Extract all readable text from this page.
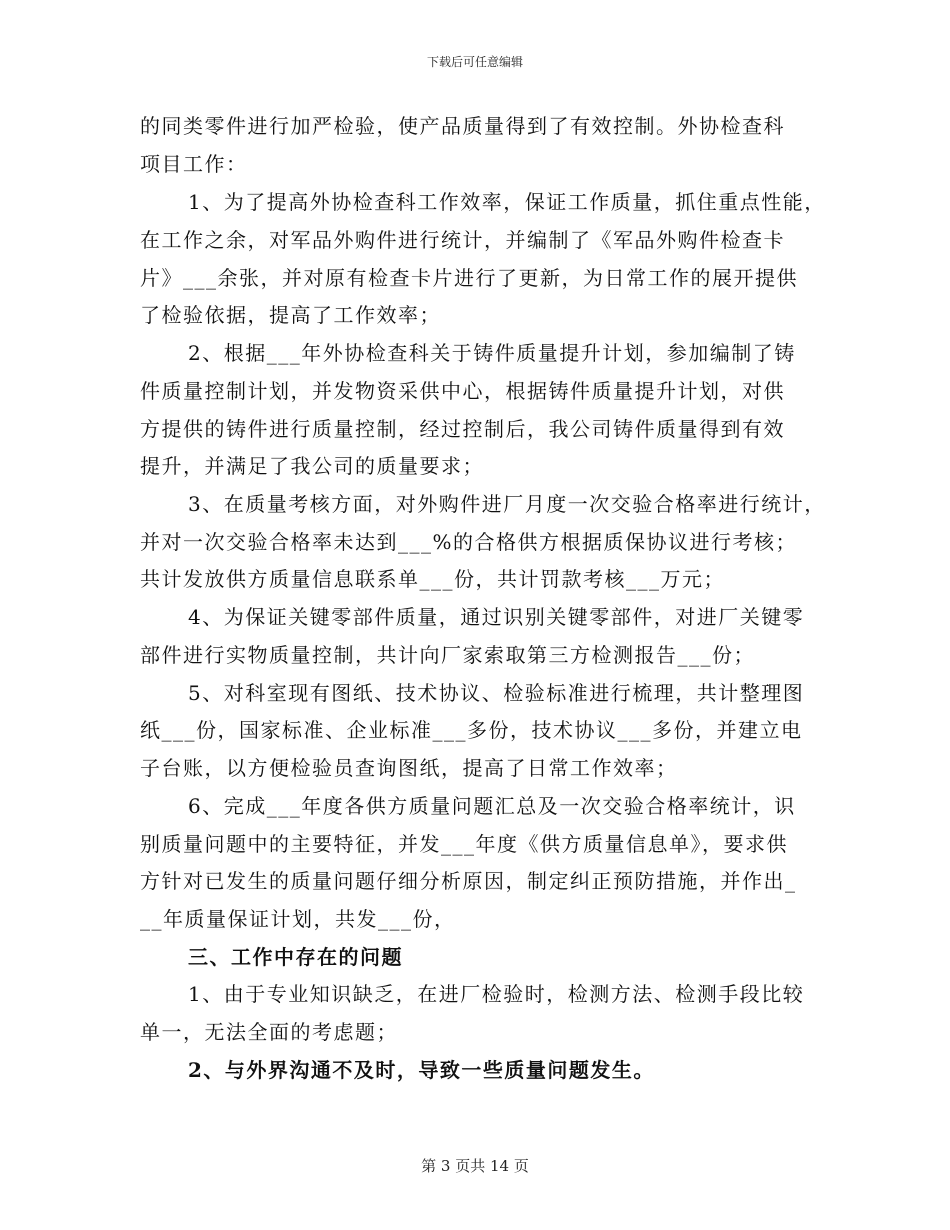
下载后可任意编辑
的同类零件进行加严检验，使产品质量得到了有效控制。外协检查科
项目工作：
1、为了提高外协检查科工作效率，保证工作质量，抓住重点性能，
在工作之余，对军品外购件进行统计，并编制了《军品外购件检查卡
片》___余张，并对原有检查卡片进行了更新，为日常工作的展开提供
了检验依据，提高了工作效率；
2、根据___年外协检查科关于铸件质量提升计划，参加编制了铸
件质量控制计划，并发物资采供中心，根据铸件质量提升计划，对供
方提供的铸件进行质量控制，经过控制后，我公司铸件质量得到有效
提升，并满足了我公司的质量要求；
3、在质量考核方面，对外购件进厂月度一次交验合格率进行统计，
并对一次交验合格率未达到___%的合格供方根据质保协议进行考核；
共计发放供方质量信息联系单___份，共计罚款考核___万元；
4、为保证关键零部件质量，通过识别关键零部件，对进厂关键零
部件进行实物质量控制，共计向厂家索取第三方检测报告___份；
5、对科室现有图纸、技术协议、检验标准进行梳理，共计整理图
纸___份，国家标准、企业标准___多份，技术协议___多份，并建立电
子台账，以方便检验员查询图纸，提高了日常工作效率；
6、完成___年度各供方质量问题汇总及一次交验合格率统计，识
别质量问题中的主要特征，并发___年度《供方质量信息单》，要求供
方针对已发生的质量问题仔细分析原因，制定纠正预防措施，并作出_
__年质量保证计划，共发___份，
三、工作中存在的问题
1、由于专业知识缺乏，在进厂检验时，检测方法、检测手段比较
单一，无法全面的考虑题；
2、与外界沟通不及时，导致一些质量问题发生。
第 3 页共 14 页
